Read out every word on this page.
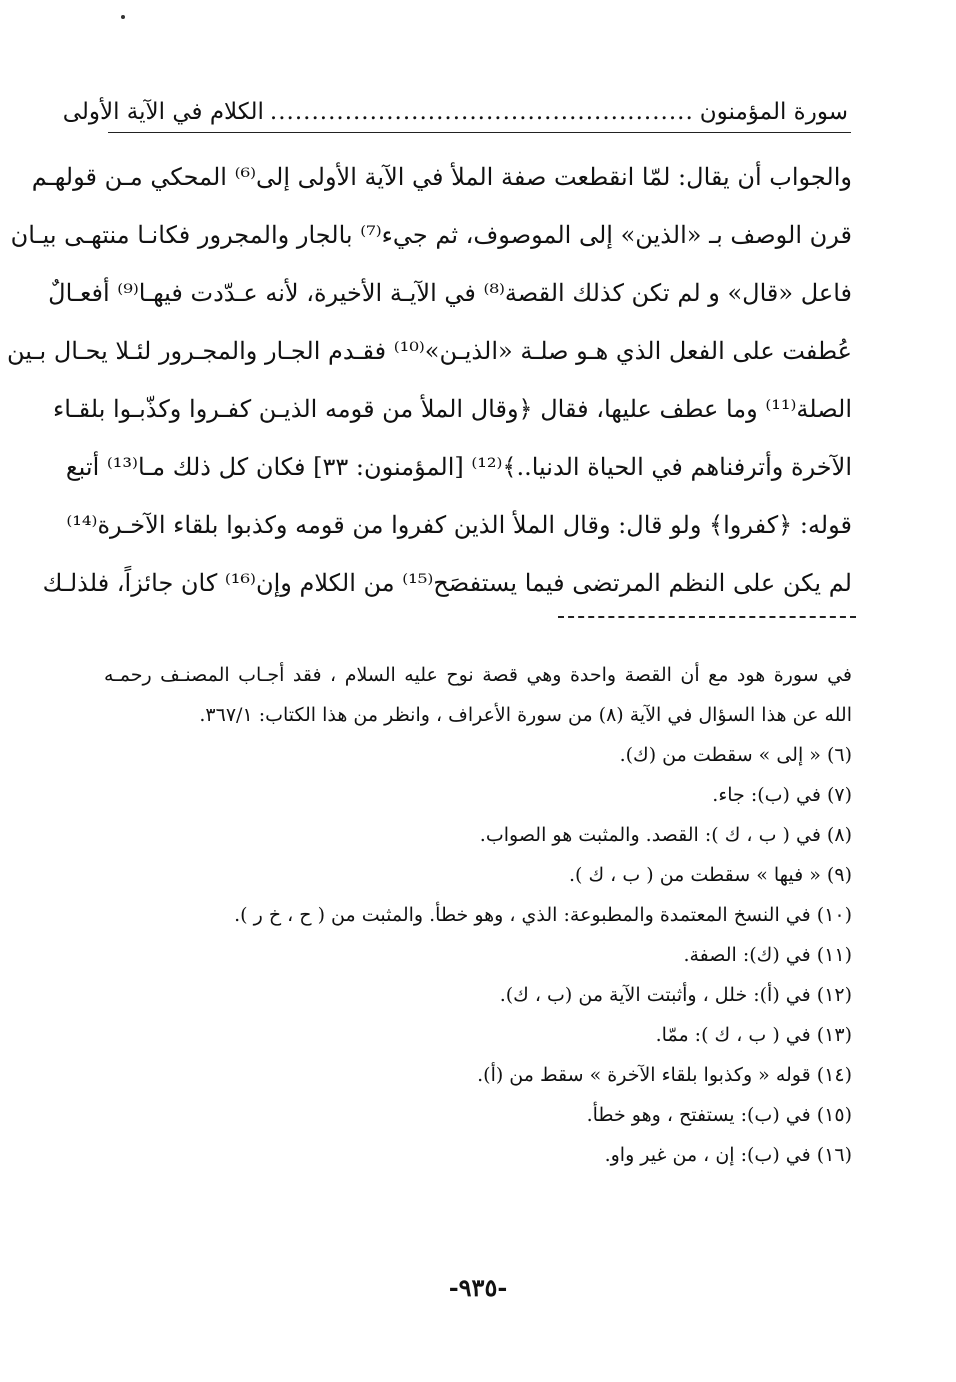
سورة المؤمنون
...................................................
الكلام في الآية الأولى
والجواب أن يقال: لمّا انقطعت صفة الملأ في الآية الأولى إلى⁽⁶⁾ المحكي مـن قولهـم
قرن الوصف بـ «الذين» إلى الموصوف، ثم جيء⁽⁷⁾ بالجار والمجرور فكانـا منتهـى بيـان
فاعل «قال» و لم تكن كذلك القصة⁽⁸⁾ في الآيـة الأخيرة، لأنه عـدّدت فيهـا⁽⁹⁾ أفعـالٌ
عُطفت على الفعل الذي هـو صلـة «الذيـن»⁽¹⁰⁾ فقـدم الجـار والمجـرور لئـلا يحـال بـين
الصلة⁽¹¹⁾ وما عطف عليها، فقال ﴿وقال الملأ من قومه الذيـن كفـروا وكذّبـوا بلقـاء
الآخرة وأترفناهم في الحياة الدنيا..﴾⁽¹²⁾ [المؤمنون: ٣٣] فكان كل ذلك مـا⁽¹³⁾ أتبع
قوله: ﴿كفروا﴾ ولو قال: وقال الملأ الذين كفروا من قومه وكذبوا بلقاء الآخـرة⁽¹⁴⁾
لم يكن على النظم المرتضى فيما يستفصَح⁽¹⁵⁾ من الكلام وإن⁽¹⁶⁾ كان جائزاً، فلذلـك
في سورة هود مع أن القصة واحدة وهي قصة نوح عليه السلام ، فقد أجـاب المصنـف رحمـه
الله عن هذا السؤال في الآية (٨) من سورة الأعراف ، وانظر من هذا الكتاب: ٣٦٧/١.
(٦) « إلى » سقطت من (ك).
(٧) في (ب): جاء.
(٨) في ( ب ، ك ): القصد. والمثبت هو الصواب.
(٩) « فيها » سقطت من ( ب ، ك ).
(١٠) في النسخ المعتمدة والمطبوعة: الذي ، وهو خطأ. والمثبت من ( ح ، خ ر ).
(١١) في (ك): الصفة.
(١٢) في (أ): خلل ، وأثبتت الآية من (ب ، ك).
(١٣) في ( ب ، ك ): ممّا.
(١٤) قوله « وكذبوا بلقاء الآخرة » سقط من (أ).
(١٥) في (ب): يستفتح ، وهو خطأ.
(١٦) في (ب): إن ، من غير واو.
-٩٣٥-
